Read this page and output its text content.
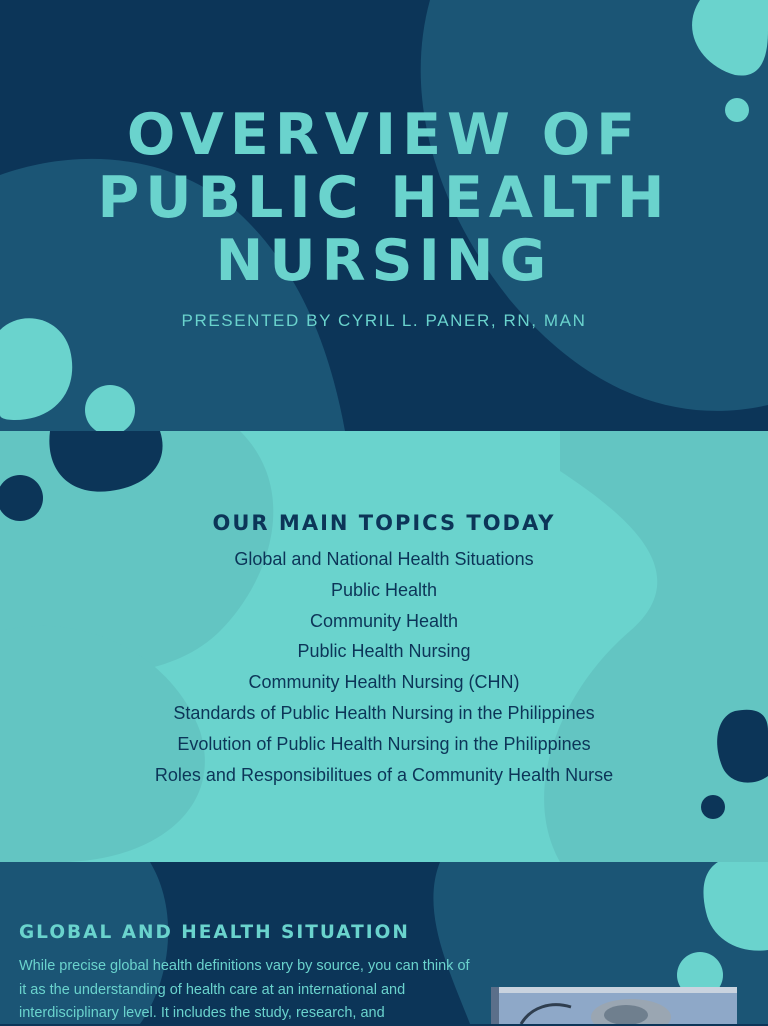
OVERVIEW OF
PUBLIC HEALTH
NURSING
PRESENTED BY CYRIL L. PANER, RN, MAN
OUR MAIN TOPICS TODAY
Global and National Health Situations
Public Health
Community Health
Public Health Nursing
Community Health Nursing (CHN)
Standards of Public Health Nursing in the Philippines
Evolution of Public Health Nursing in the Philippines
Roles and Responsibilitues of a Community Health Nurse
GLOBAL AND HEALTH SITUATION

While precise global health definitions vary by source, you can think of it as the understanding of health care at an international and interdisciplinary level. It includes the study, research, and
